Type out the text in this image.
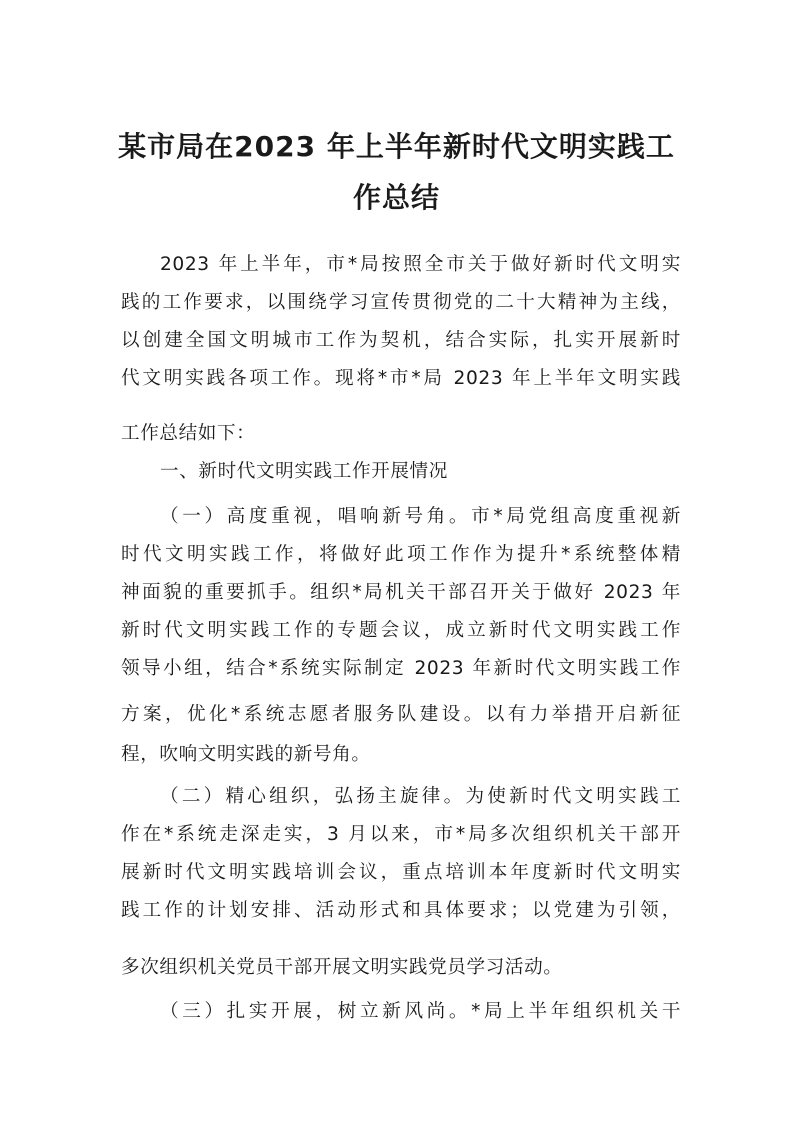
某市局在2023 年上半年新时代文明实践工
作总结
2023 年上半年，市*局按照全市关于做好新时代文明实
践的工作要求，以围绕学习宣传贯彻党的二十大精神为主线，
以创建全国文明城市工作为契机，结合实际，扎实开展新时
代文明实践各项工作。现将*市*局 2023 年上半年文明实践
工作总结如下：
一、新时代文明实践工作开展情况
（一）高度重视，唱响新号角。市*局党组高度重视新
时代文明实践工作，将做好此项工作作为提升*系统整体精
神面貌的重要抓手。组织*局机关干部召开关于做好 2023 年
新时代文明实践工作的专题会议，成立新时代文明实践工作
领导小组，结合*系统实际制定 2023 年新时代文明实践工作
方案，优化*系统志愿者服务队建设。以有力举措开启新征
程，吹响文明实践的新号角。
（二）精心组织，弘扬主旋律。为使新时代文明实践工
作在*系统走深走实，3 月以来，市*局多次组织机关干部开
展新时代文明实践培训会议，重点培训本年度新时代文明实
践工作的计划安排、活动形式和具体要求；以党建为引领，
多次组织机关党员干部开展文明实践党员学习活动。
（三）扎实开展，树立新风尚。*局上半年组织机关干
